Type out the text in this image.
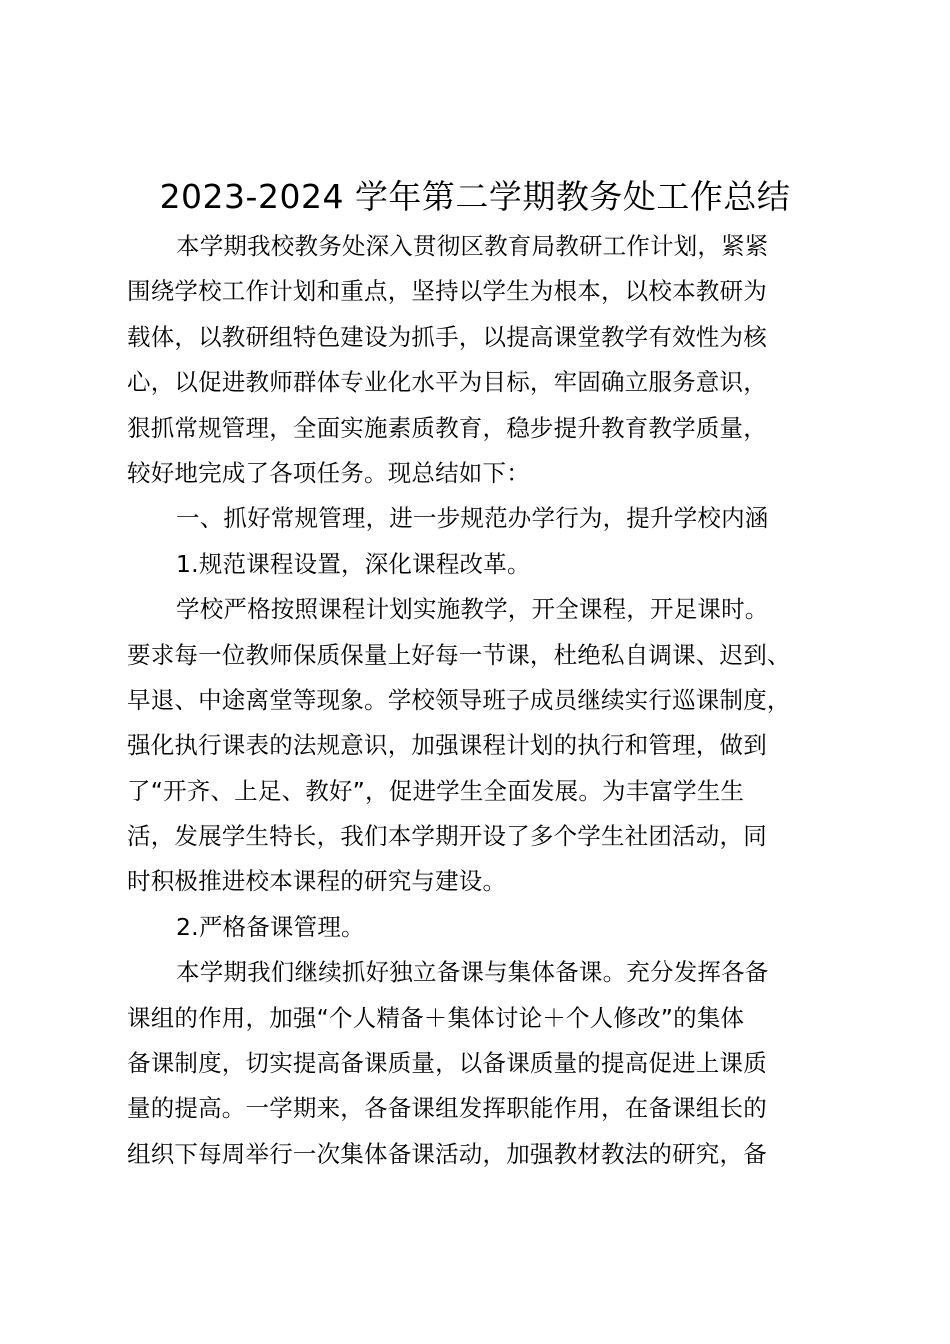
2023-2024 学年第二学期教务处工作总结
本学期我校教务处深入贯彻区教育局教研工作计划，紧紧
围绕学校工作计划和重点，坚持以学生为根本，以校本教研为
载体，以教研组特色建设为抓手，以提高课堂教学有效性为核
心，以促进教师群体专业化水平为目标，牢固确立服务意识，
狠抓常规管理，全面实施素质教育，稳步提升教育教学质量，
较好地完成了各项任务。现总结如下：
一、抓好常规管理，进一步规范办学行为，提升学校内涵
1.规范课程设置，深化课程改革。
学校严格按照课程计划实施教学，开全课程，开足课时。
要求每一位教师保质保量上好每一节课，杜绝私自调课、迟到、
早退、中途离堂等现象。学校领导班子成员继续实行巡课制度，
强化执行课表的法规意识，加强课程计划的执行和管理，做到
了“开齐、上足、教好”，促进学生全面发展。为丰富学生生
活，发展学生特长，我们本学期开设了多个学生社团活动，同
时积极推进校本课程的研究与建设。
2.严格备课管理。
本学期我们继续抓好独立备课与集体备课。充分发挥各备
课组的作用，加强“个人精备＋集体讨论＋个人修改”的集体
备课制度，切实提高备课质量，以备课质量的提高促进上课质
量的提高。一学期来，各备课组发挥职能作用，在备课组长的
组织下每周举行一次集体备课活动，加强教材教法的研究，备
